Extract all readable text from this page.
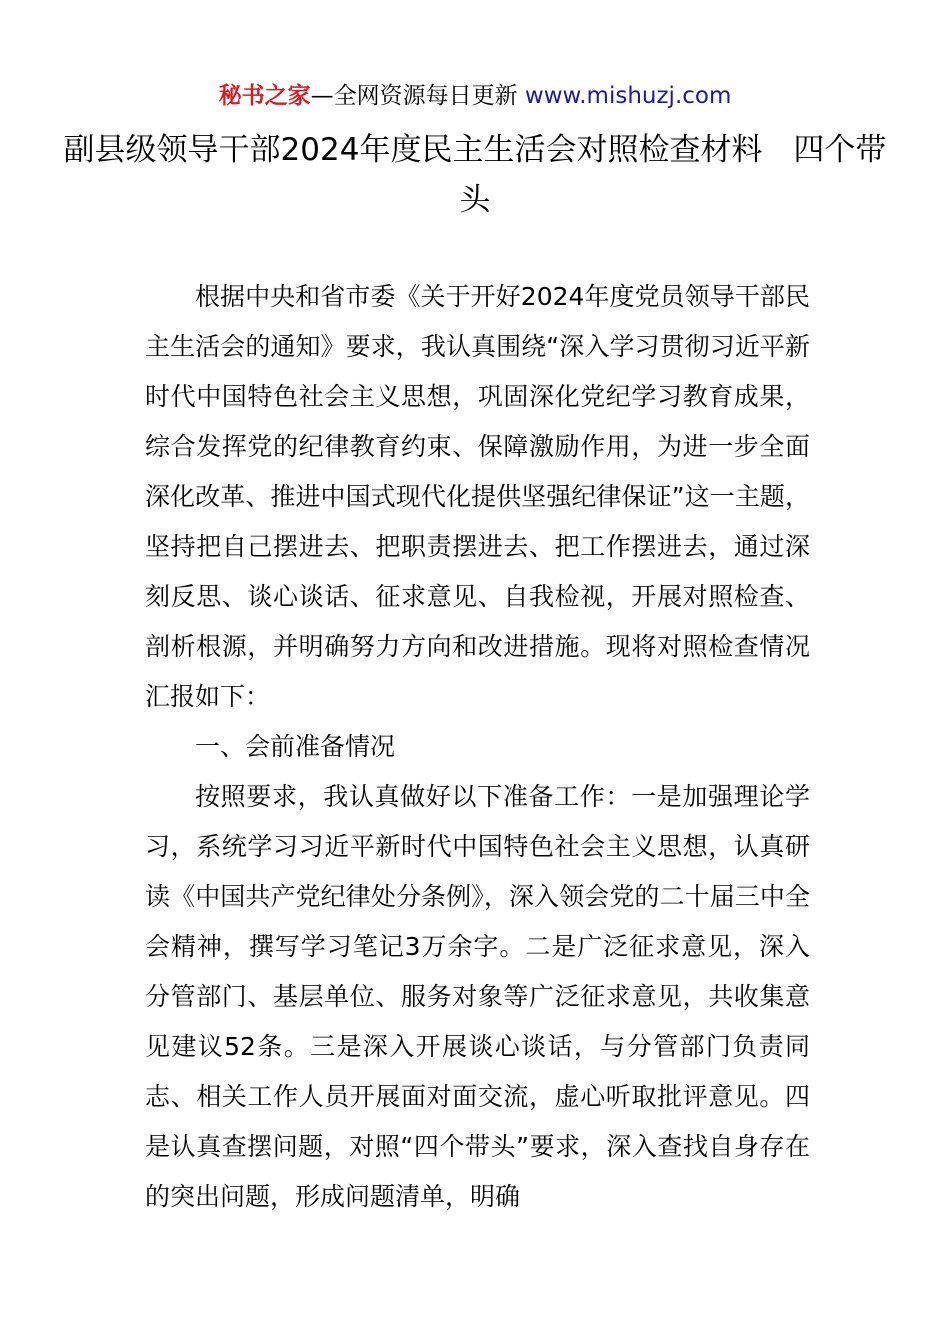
秘书之家—全网资源每日更新 www.mishuzj.com
副县级领导干部2024年度民主生活会对照检查材料　四个带头

根据中央和省市委《关于开好2024年度党员领导干部民主生活会的通知》要求，我认真围绕“深入学习贯彻习近平新时代中国特色社会主义思想，巩固深化党纪学习教育成果，综合发挥党的纪律教育约束、保障激励作用，为进一步全面深化改革、推进中国式现代化提供坚强纪律保证”这一主题，坚持把自己摆进去、把职责摆进去、把工作摆进去，通过深刻反思、谈心谈话、征求意见、自我检视，开展对照检查、剖析根源，并明确努力方向和改进措施。现将对照检查情况汇报如下：

一、会前准备情况

按照要求，我认真做好以下准备工作：一是加强理论学习，系统学习习近平新时代中国特色社会主义思想，认真研读《中国共产党纪律处分条例》，深入领会党的二十届三中全会精神，撰写学习笔记3万余字。二是广泛征求意见，深入分管部门、基层单位、服务对象等广泛征求意见，共收集意见建议52条。三是深入开展谈心谈话，与分管部门负责同志、相关工作人员开展面对面交流，虚心听取批评意见。四是认真查摆问题，对照“四个带头”要求，深入查找自身存在的突出问题，形成问题清单，明确
